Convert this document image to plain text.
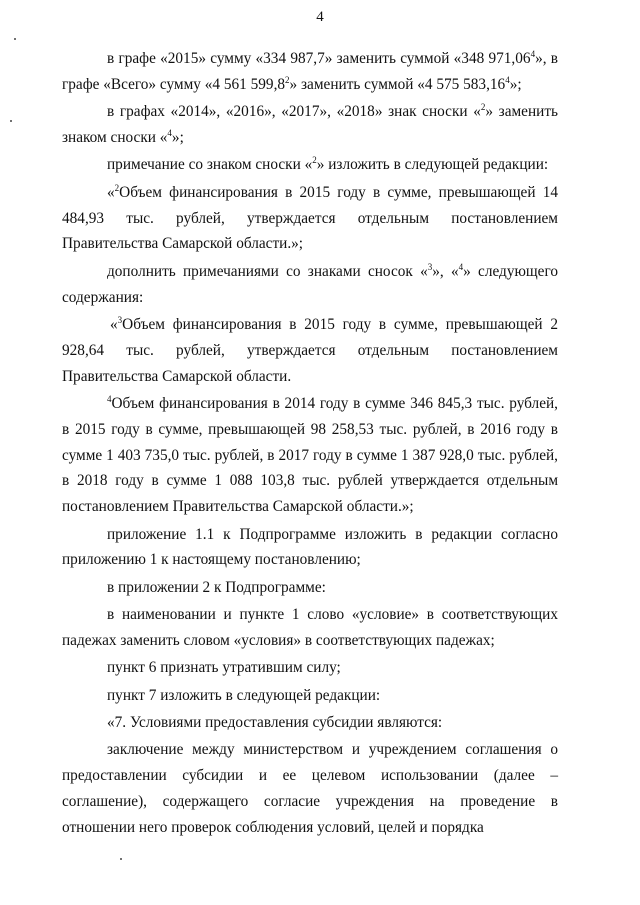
4

в графе «2015» сумму «334 987,7» заменить суммой «348 971,06$^4$», в графе «Всего» сумму «4 561 599,8$^2$» заменить суммой «4 575 583,16$^4$»;

в графах «2014», «2016», «2017», «2018» знак сноски «$^2$» заменить знаком сноски «$^4$»;

примечание со знаком сноски «$^2$» изложить в следующей редакции:

«$^2$Объем финансирования в 2015 году в сумме, превышающей 14 484,93 тыс. рублей, утверждается отдельным постановлением Правительства Самарской области.»;

дополнить примечаниями со знаками сносок «$^3$», «$^4$» следующего содержания:

«$^3$Объем финансирования в 2015 году в сумме, превышающей 2 928,64 тыс. рублей, утверждается отдельным постановлением Правительства Самарской области.

$^4$Объем финансирования в 2014 году в сумме 346 845,3 тыс. рублей, в 2015 году в сумме, превышающей 98 258,53 тыс. рублей, в 2016 году в сумме 1 403 735,0 тыс. рублей, в 2017 году в сумме 1 387 928,0 тыс. рублей, в 2018 году в сумме 1 088 103,8 тыс. рублей утверждается отдельным постановлением Правительства Самарской области.»;

приложение 1.1 к Подпрограмме изложить в редакции согласно приложению 1 к настоящему постановлению;

в приложении 2 к Подпрограмме:

в наименовании и пункте 1 слово «условие» в соответствующих падежах заменить словом «условия» в соответствующих падежах;

пункт 6 признать утратившим силу;

пункт 7 изложить в следующей редакции:

«7. Условиями предоставления субсидии являются:

заключение между министерством и учреждением соглашения о предоставлении субсидии и ее целевом использовании (далее – соглашение), содержащего согласие учреждения на проведение в отношении него проверок соблюдения условий, целей и порядка
